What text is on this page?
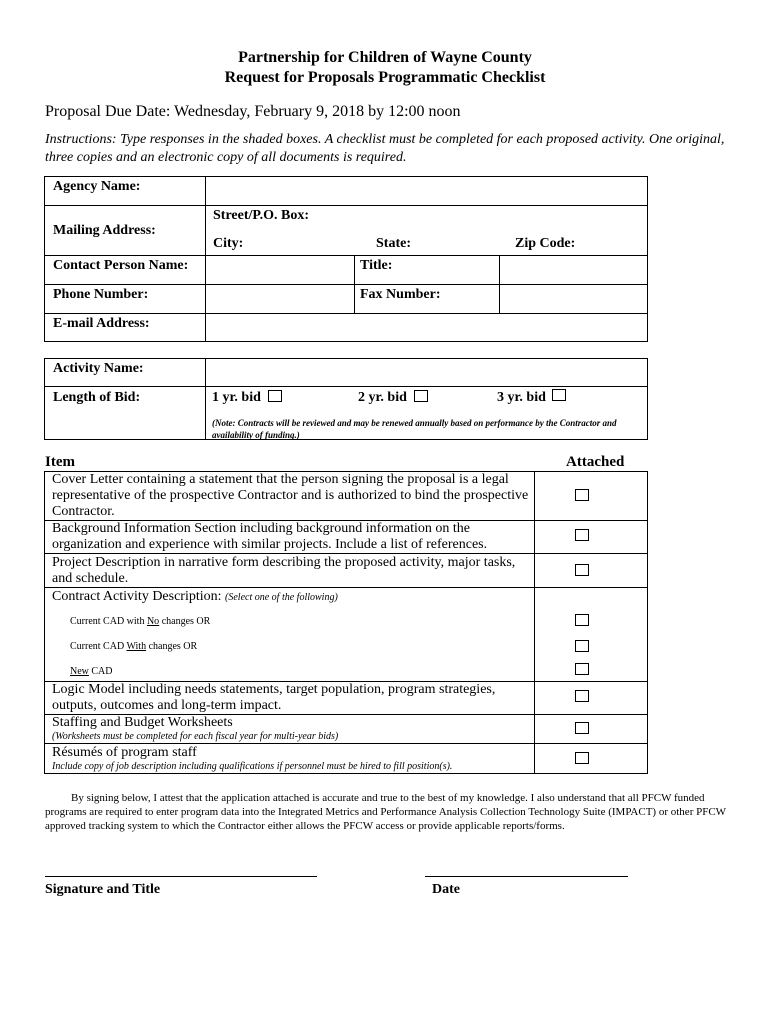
Partnership for Children of Wayne County
Request for Proposals Programmatic Checklist
Proposal Due Date: Wednesday, February 9, 2018 by 12:00 noon
Instructions: Type responses in the shaded boxes. A checklist must be completed for each proposed activity. One original, three copies and an electronic copy of all documents is required.
Agency Name:
Mailing Address:
Street/P.O. Box:
City:	State:	Zip Code:
Contact Person Name:	Title:
Phone Number:	Fax Number:
E-mail Address:
Activity Name:
Length of Bid:	1 yr. bid	2 yr. bid	3 yr. bid
(Note: Contracts will be reviewed and may be renewed annually based on performance by the Contractor and availability of funding.)
Item	Attached
Cover Letter containing a statement that the person signing the proposal is a legal representative of the prospective Contractor and is authorized to bind the prospective Contractor.
Background Information Section including background information on the organization and experience with similar projects. Include a list of references.
Project Description in narrative form describing the proposed activity, major tasks, and schedule.
Contract Activity Description: (Select one of the following)
Current CAD with No changes OR
Current CAD With changes OR
New CAD
Logic Model including needs statements, target population, program strategies, outputs, outcomes and long-term impact.
Staffing and Budget Worksheets
(Worksheets must be completed for each fiscal year for multi-year bids)
Résumés of program staff
Include copy of job description including qualifications if personnel must be hired to fill position(s).
By signing below, I attest that the application attached is accurate and true to the best of my knowledge. I also understand that all PFCW funded programs are required to enter program data into the Integrated Metrics and Performance Analysis Collection Technology Suite (IMPACT) or other PFCW approved tracking system to which the Contractor either allows the PFCW access or provide applicable reports/forms.
Signature and Title	Date
